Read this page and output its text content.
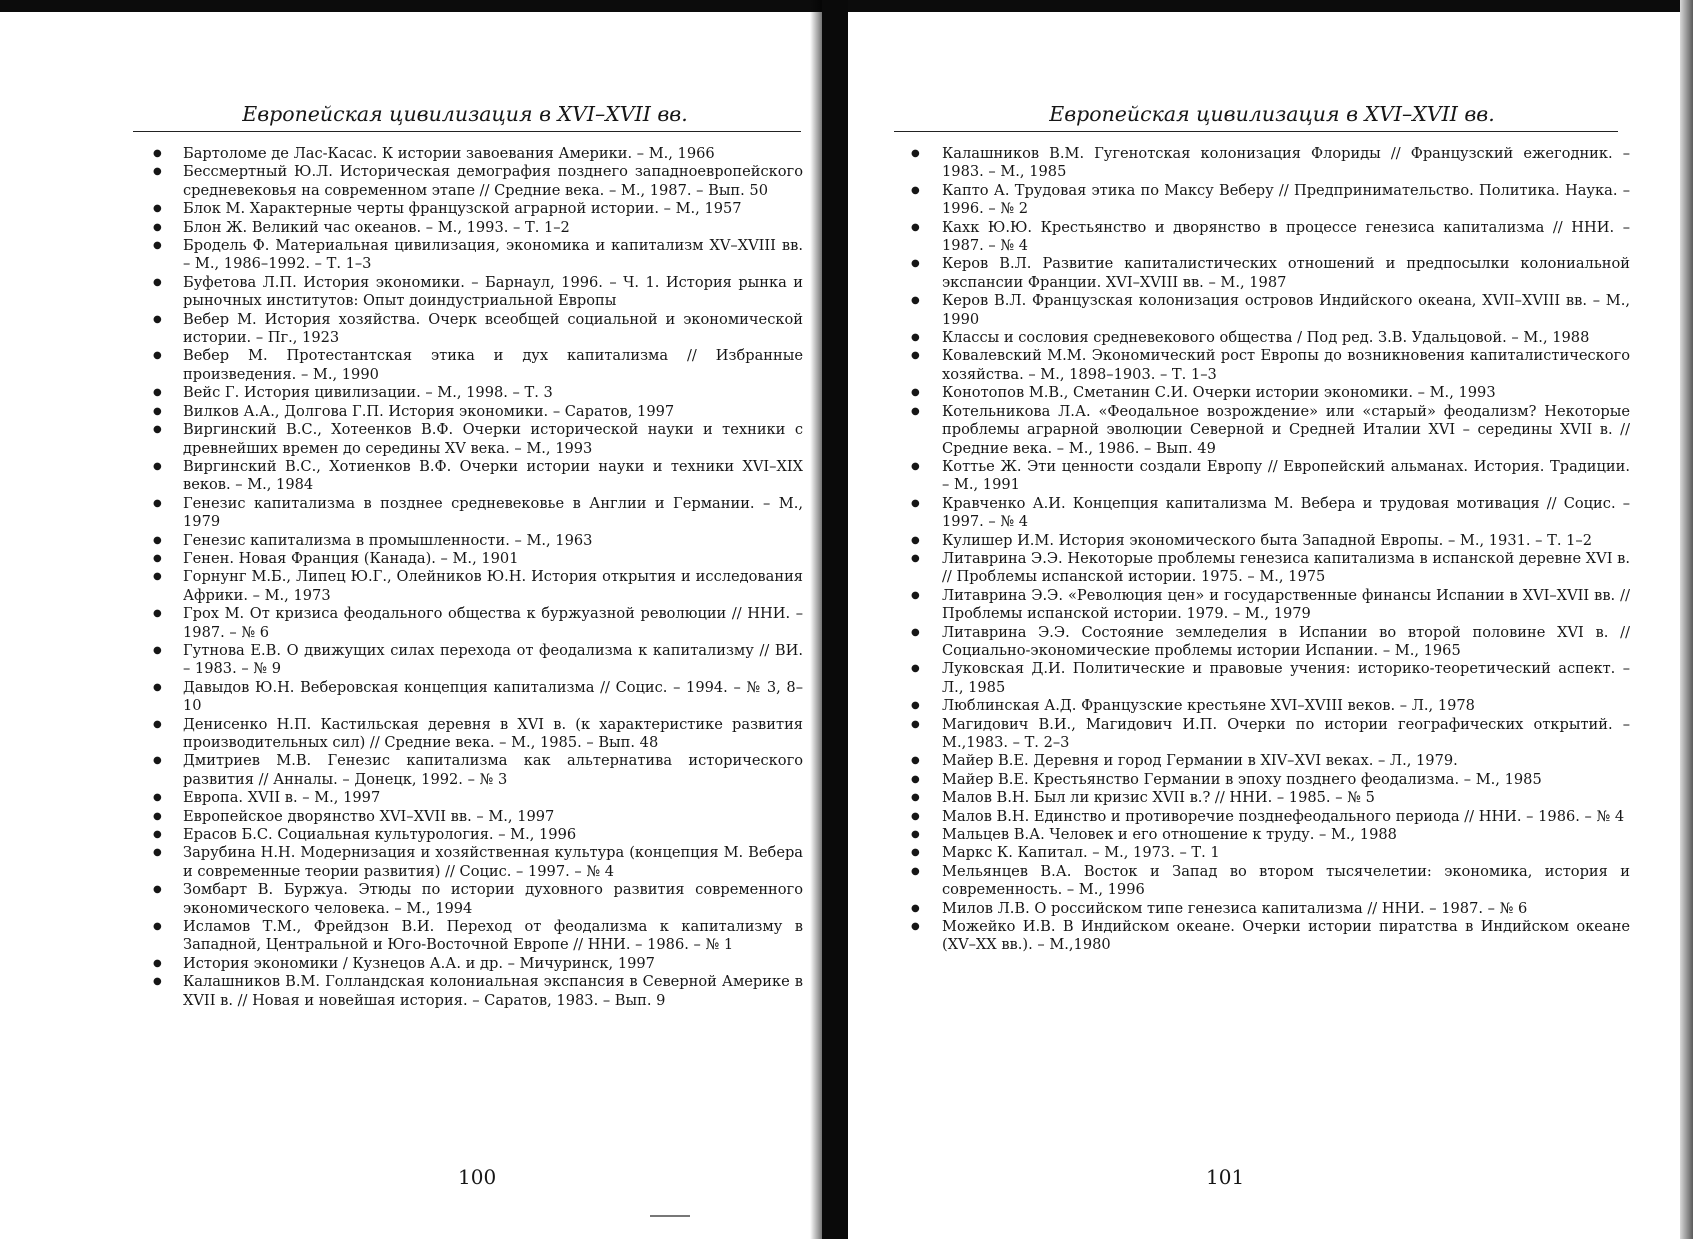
Европейская цивилизация в XVI–XVII вв.
● Бартоломе де Лас-Касас. К истории завоевания Америки. – М., 1966
● Бессмертный Ю.Л. Историческая демография позднего западноевропейского средневековья на современном этапе // Средние века. – М., 1987. – Вып. 50
● Блок М. Характерные черты французской аграрной истории. – М., 1957
● Блон Ж. Великий час океанов. – М., 1993. – Т. 1–2
● Бродель Ф. Материальная цивилизация, экономика и капитализм XV–XVIII вв. – М., 1986–1992. – Т. 1–3
● Буфетова Л.П. История экономики. – Барнаул, 1996. – Ч. 1. История рынка и рыночных институтов: Опыт доиндустриальной Европы
● Вебер М. История хозяйства. Очерк всеобщей социальной и экономической истории. – Пг., 1923
● Вебер М. Протестантская этика и дух капитализма // Избранные произведения. – М., 1990
● Вейс Г. История цивилизации. – М., 1998. – Т. 3
● Вилков А.А., Долгова Г.П. История экономики. – Саратов, 1997
● Виргинский В.С., Хотеенков В.Ф. Очерки исторической науки и техники с древнейших времен до середины XV века. – М., 1993
● Виргинский В.С., Хотиенков В.Ф. Очерки истории науки и техники XVI–XIX веков. – М., 1984
● Генезис капитализма в позднее средневековье в Англии и Германии. – М., 1979
● Генезис капитализма в промышленности. – М., 1963
● Генен. Новая Франция (Канада). – М., 1901
● Горнунг М.Б., Липец Ю.Г., Олейников Ю.Н. История открытия и исследования Африки. – М., 1973
● Грох М. От кризиса феодального общества к буржуазной революции // ННИ. – 1987. – № 6
● Гутнова Е.В. О движущих силах перехода от феодализма к капитализму // ВИ. – 1983. – № 9
● Давыдов Ю.Н. Веберовская концепция капитализма // Социс. – 1994. – № 3, 8–10
● Денисенко Н.П. Кастильская деревня в XVI в. (к характеристике развития производительных сил) // Средние века. – М., 1985. – Вып. 48
● Дмитриев М.В. Генезис капитализма как альтернатива исторического развития // Анналы. – Донецк, 1992. – № 3
● Европа. XVII в. – М., 1997
● Европейское дворянство XVI–XVII вв. – М., 1997
● Ерасов Б.С. Социальная культурология. – М., 1996
● Зарубина Н.Н. Модернизация и хозяйственная культура (концепция М. Вебера и современные теории развития) // Социс. – 1997. – № 4
● Зомбарт В. Буржуа. Этюды по истории духовного развития современного экономического человека. – М., 1994
● Исламов Т.М., Фрейдзон В.И. Переход от феодализма к капитализму в Западной, Центральной и Юго-Восточной Европе // ННИ. – 1986. – № 1
● История экономики / Кузнецов А.А. и др. – Мичуринск, 1997
● Калашников В.М. Голландская колониальная экспансия в Северной Америке в XVII в. // Новая и новейшая история. – Саратов, 1983. – Вып. 9
100
Европейская цивилизация в XVI–XVII вв.
● Калашников В.М. Гугенотская колонизация Флориды // Французский ежегодник. – 1983. – М., 1985
● Капто А. Трудовая этика по Максу Веберу // Предпринимательство. Политика. Наука. – 1996. – № 2
● Кахк Ю.Ю. Крестьянство и дворянство в процессе генезиса капитализма // ННИ. – 1987. – № 4
● Керов В.Л. Развитие капиталистических отношений и предпосылки колониальной экспансии Франции. XVI–XVIII вв. – М., 1987
● Керов В.Л. Французская колонизация островов Индийского океана, XVII–XVIII вв. – М., 1990
● Классы и сословия средневекового общества / Под ред. З.В. Удальцовой. – М., 1988
● Ковалевский М.М. Экономический рост Европы до возникновения капиталистического хозяйства. – М., 1898–1903. – Т. 1–3
● Конотопов М.В., Сметанин С.И. Очерки истории экономики. – М., 1993
● Котельникова Л.А. «Феодальное возрождение» или «старый» феодализм? Некоторые проблемы аграрной эволюции Северной и Средней Италии XVI – середины XVII в. // Средние века. – М., 1986. – Вып. 49
● Коттье Ж. Эти ценности создали Европу // Европейский альманах. История. Традиции. – М., 1991
● Кравченко А.И. Концепция капитализма М. Вебера и трудовая мотивация // Социс. – 1997. – № 4
● Кулишер И.М. История экономического быта Западной Европы. – М., 1931. – Т. 1–2
● Литаврина Э.Э. Некоторые проблемы генезиса капитализма в испанской деревне XVI в. // Проблемы испанской истории. 1975. – М., 1975
● Литаврина Э.Э. «Революция цен» и государственные финансы Испании в XVI–XVII вв. // Проблемы испанской истории. 1979. – М., 1979
● Литаврина Э.Э. Состояние земледелия в Испании во второй половине XVI в. // Социально-экономические проблемы истории Испании. – М., 1965
● Луковская Д.И. Политические и правовые учения: историко-теоретический аспект. – Л., 1985
● Люблинская А.Д. Французские крестьяне XVI–XVIII веков. – Л., 1978
● Магидович В.И., Магидович И.П. Очерки по истории географических открытий. – М.,1983. – Т. 2–3
● Майер В.Е. Деревня и город Германии в XIV–XVI веках. – Л., 1979.
● Майер В.Е. Крестьянство Германии в эпоху позднего феодализма. – М., 1985
● Малов В.Н. Был ли кризис XVII в.? // ННИ. – 1985. – № 5
● Малов В.Н. Единство и противоречие позднефеодального периода // ННИ. – 1986. – № 4
● Мальцев В.А. Человек и его отношение к труду. – М., 1988
● Маркс К. Капитал. – М., 1973. – Т. 1
● Мельянцев В.А. Восток и Запад во втором тысячелетии: экономика, история и современность. – М., 1996
● Милов Л.В. О российском типе генезиса капитализма // ННИ. – 1987. – № 6
● Можейко И.В. В Индийском океане. Очерки истории пиратства в Индийском океане (XV–XX вв.). – М.,1980
101
